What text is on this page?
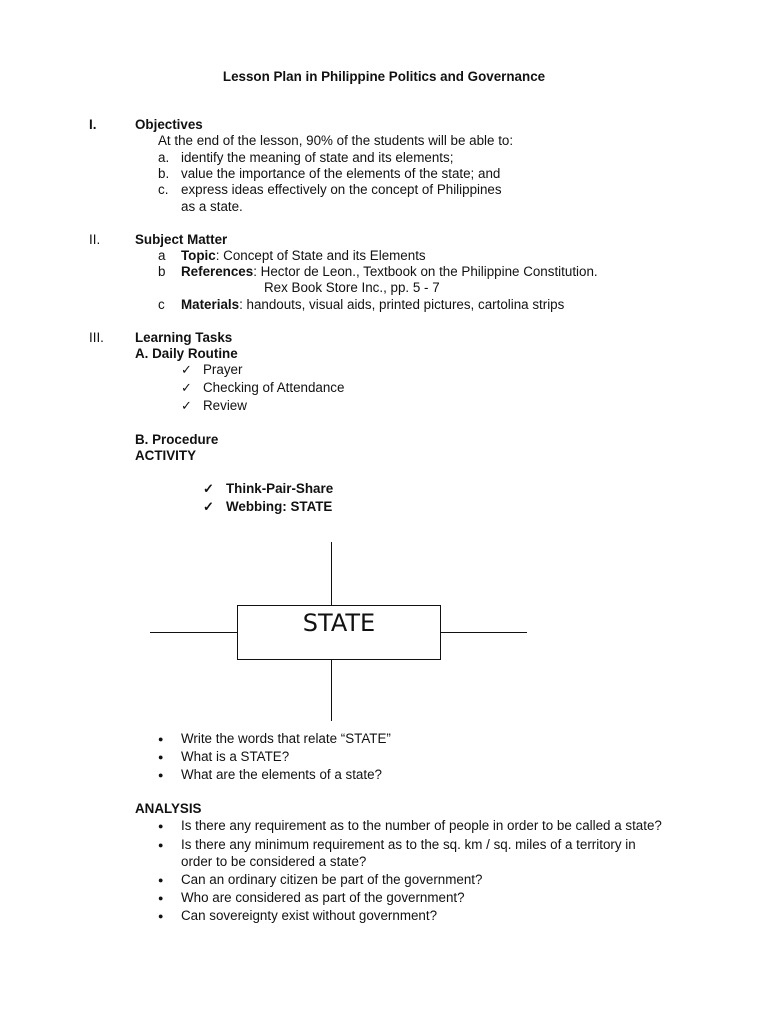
Lesson Plan in Philippine Politics and Governance
I.	Objectives
At the end of the lesson, 90% of the students will be able to:
a. identify the meaning of state and its elements;
b. value the importance of the elements of the state; and
c. express ideas effectively on the concept of Philippines
as a state.
II.	Subject Matter
a Topic: Concept of State and its Elements
b References: Hector de Leon., Textbook on the Philippine Constitution.
Rex Book Store Inc., pp. 5 - 7
c Materials: handouts, visual aids, printed pictures, cartolina strips
III. Learning Tasks
A. Daily Routine
✓ Prayer
✓ Checking of Attendance
✓ Review
B. Procedure
ACTIVITY
✓ Think-Pair-Share
✓ Webbing: STATE
STATE
● Write the words that relate “STATE”
● What is a STATE?
● What are the elements of a state?
ANALYSIS
● Is there any requirement as to the number of people in order to be called a state?
● Is there any minimum requirement as to the sq. km / sq. miles of a territory in
order to be considered a state?
● Can an ordinary citizen be part of the government?
● Who are considered as part of the government?
● Can sovereignty exist without government?
